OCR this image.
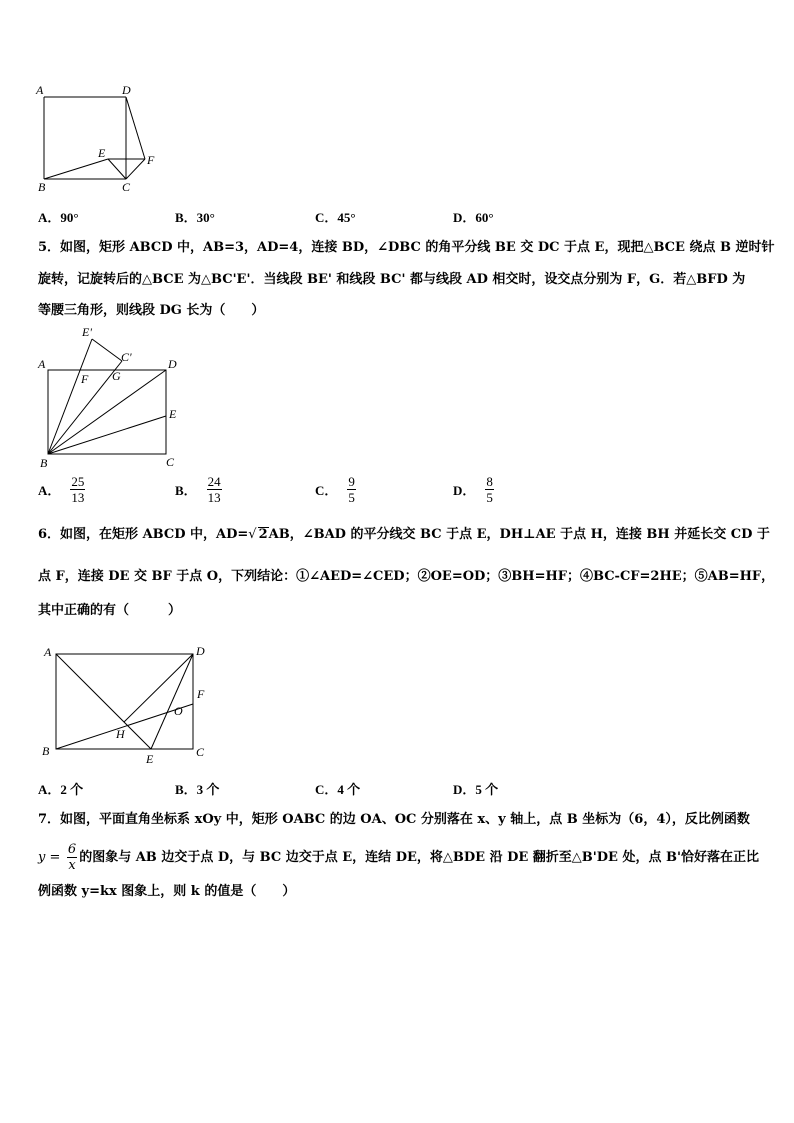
A	D
E	F
B	C
A．90°	B．30°	C．45°	D．60°
5．如图，矩形 ABCD 中，AB=3，AD=4，连接 BD，∠DBC 的角平分线 BE 交 DC 于点 E，现把△BCE 绕点 B 逆时针
旋转，记旋转后的△BCE 为△BC'E'．当线段 BE' 和线段 BC' 都与线段 AD 相交时，设交点分别为 F，G．若△BFD 为
等腰三角形，则线段 DG 长为（　　）
E'
C'
A	D
F G
E
B	C
A． $\frac{25}{13}$	B． $\frac{24}{13}$	C． $\frac{9}{5}$	D． $\frac{8}{5}$
6．如图，在矩形 ABCD 中，AD=√ 2AB，∠BAD 的平分线交 BC 于点 E，DH⊥AE 于点 H，连接 BH 并延长交 CD 于
点 F，连接 DE 交 BF 于点 O，下列结论：①∠AED=∠CED；②OE=OD；③BH=HF；④BC-CF=2HE；⑤AB=HF，
其中正确的有（　　　）
A	D
F
O
H
B
E	C
A．2 个	B．3 个	C．4 个	D．5 个
7．如图，平面直角坐标系 xOy 中，矩形 OABC 的边 OA、OC 分别落在 x、y 轴上，点 B 坐标为（6，4），反比例函数
$y = \frac{6}{x}$ 的图象与 AB 边交于点 D，与 BC 边交于点 E，连结 DE，将△BDE 沿 DE 翻折至△B'DE 处，点 B'恰好落在正比
例函数 y=kx 图象上，则 k 的值是（　　）
